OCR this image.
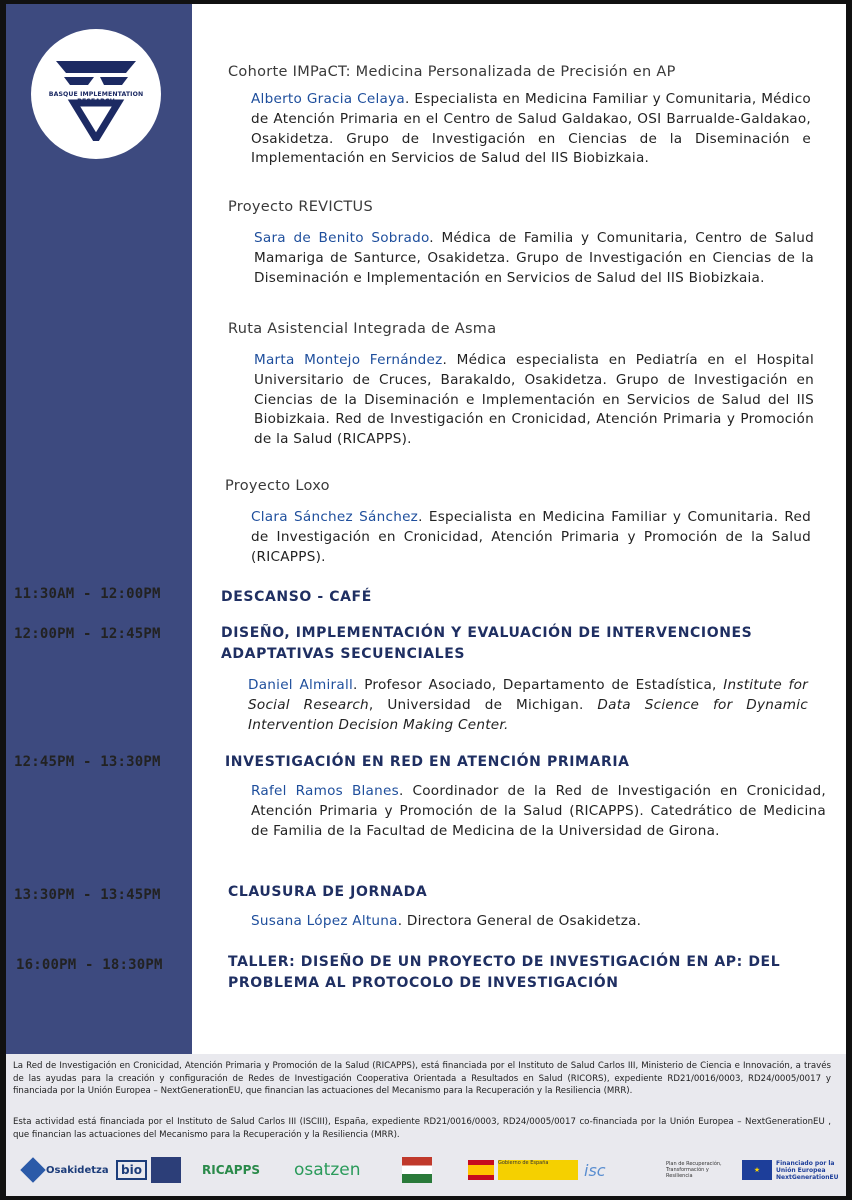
BASQUE IMPLEMENTATION RESEARCH
Cohorte IMPaCT: Medicina Personalizada de Precisión en AP
Alberto Gracia Celaya. Especialista en Medicina Familiar y Comunitaria, Médico de Atención Primaria en el Centro de Salud Galdakao, OSI Barrualde-Galdakao, Osakidetza. Grupo de Investigación en Ciencias de la Diseminación e Implementación en Servicios de Salud del IIS Biobizkaia.
Proyecto REVICTUS
Sara de Benito Sobrado. Médica de Familia y Comunitaria, Centro de Salud Mamariga de Santurce, Osakidetza. Grupo de Investigación en Ciencias de la Diseminación e Implementación en Servicios de Salud del IIS Biobizkaia.
Ruta Asistencial Integrada de Asma
Marta Montejo Fernández. Médica especialista en Pediatría en el Hospital Universitario de Cruces, Barakaldo, Osakidetza. Grupo de Investigación en Ciencias de la Diseminación e Implementación en Servicios de Salud del IIS Biobizkaia. Red de Investigación en Cronicidad, Atención Primaria y Promoción de la Salud (RICAPPS).
Proyecto Loxo
Clara Sánchez Sánchez. Especialista en Medicina Familiar y Comunitaria. Red de Investigación en Cronicidad, Atención Primaria y Promoción de la Salud (RICAPPS).
11:30AM - 12:00PM	DESCANSO - CAFÉ
12:00PM - 12:45PM	DISEÑO, IMPLEMENTACIÓN Y EVALUACIÓN DE INTERVENCIONES ADAPTATIVAS SECUENCIALES
Daniel Almirall. Profesor Asociado, Departamento de Estadística, Institute for Social Research, Universidad de Michigan. Data Science for Dynamic Intervention Decision Making Center.
12:45PM - 13:30PM	INVESTIGACIÓN EN RED EN ATENCIÓN PRIMARIA
Rafel Ramos Blanes. Coordinador de la Red de Investigación en Cronicidad, Atención Primaria y Promoción de la Salud (RICAPPS). Catedrático de Medicina de Familia de la Facultad de Medicina de la Universidad de Girona.
13:30PM - 13:45PM	CLAUSURA DE JORNADA
Susana López Altuna. Directora General de Osakidetza.
16:00PM - 18:30PM	TALLER: DISEÑO DE UN PROYECTO DE INVESTIGACIÓN EN AP: DEL PROBLEMA AL PROTOCOLO DE INVESTIGACIÓN
La Red de Investigación en Cronicidad, Atención Primaria y Promoción de la Salud (RICAPPS), está financiada por el Instituto de Salud Carlos III, Ministerio de Ciencia e Innovación, a través de las ayudas para la creación y configuración de Redes de Investigación Cooperativa Orientada a Resultados en Salud (RICORS), expediente RD21/0016/0003, RD24/0005/0017 y financiada por la Unión Europea – NextGenerationEU, que financian las actuaciones del Mecanismo para la Recuperación y la Resiliencia (MRR).
Esta actividad está financiada por el Instituto de Salud Carlos III (ISCIII), España, expediente RD21/0016/0003, RD24/0005/0017 co-financiada por la Unión Europea – NextGenerationEU , que financian las actuaciones del Mecanismo para la Recuperación y la Resiliencia (MRR).
Osakidetza	bio	RICAPPS osatzen	Gobierno de España	isc	Plan de Recuperación, Transformación y Resiliencia
★
Financiado por la Unión Europea NextGenerationEU
